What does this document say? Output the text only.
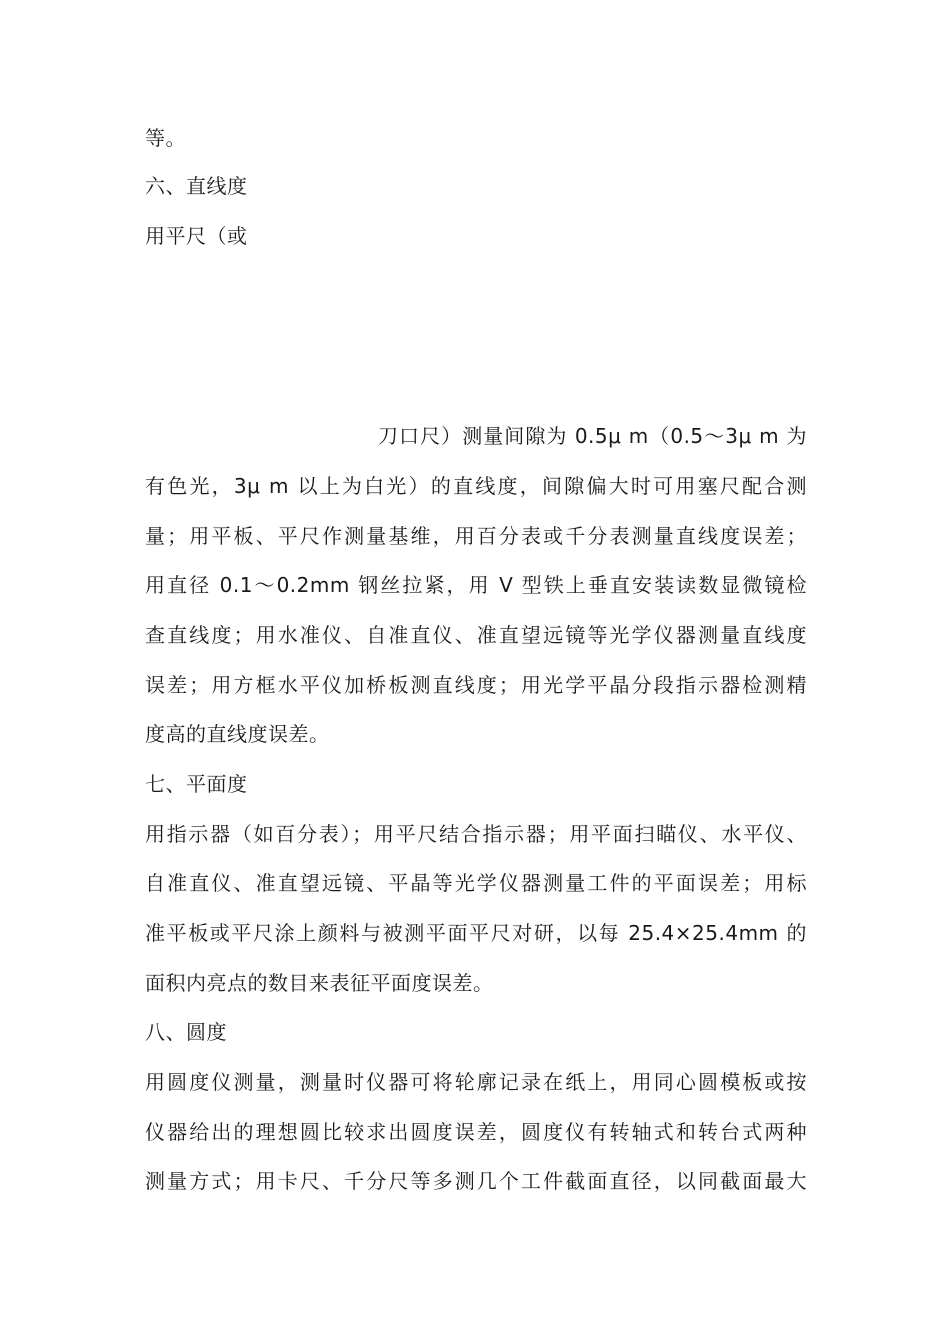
等。
六、直线度
用平尺（或
刀口尺）测量间隙为 0.5μ m（0.5～3μ m 为
有色光，3μ m 以上为白光）的直线度，间隙偏大时可用塞尺配合测
量；用平板、平尺作测量基维，用百分表或千分表测量直线度误差；
用直径 0.1～0.2mm 钢丝拉紧，用 V 型铁上垂直安装读数显微镜检
查直线度；用水准仪、自准直仪、准直望远镜等光学仪器测量直线度
误差；用方框水平仪加桥板测直线度；用光学平晶分段指示器检测精
度高的直线度误差。
七、平面度
用指示器（如百分表）；用平尺结合指示器；用平面扫瞄仪、水平仪、
自准直仪、准直望远镜、平晶等光学仪器测量工件的平面误差；用标
准平板或平尺涂上颜料与被测平面平尺对研，以每 25.4×25.4mm 的
面积内亮点的数目来表征平面度误差。
八、圆度
用圆度仪测量，测量时仪器可将轮廓记录在纸上，用同心圆模板或按
仪器给出的理想圆比较求出圆度误差，圆度仪有转轴式和转台式两种
测量方式；用卡尺、千分尺等多测几个工件截面直径，以同截面最大
